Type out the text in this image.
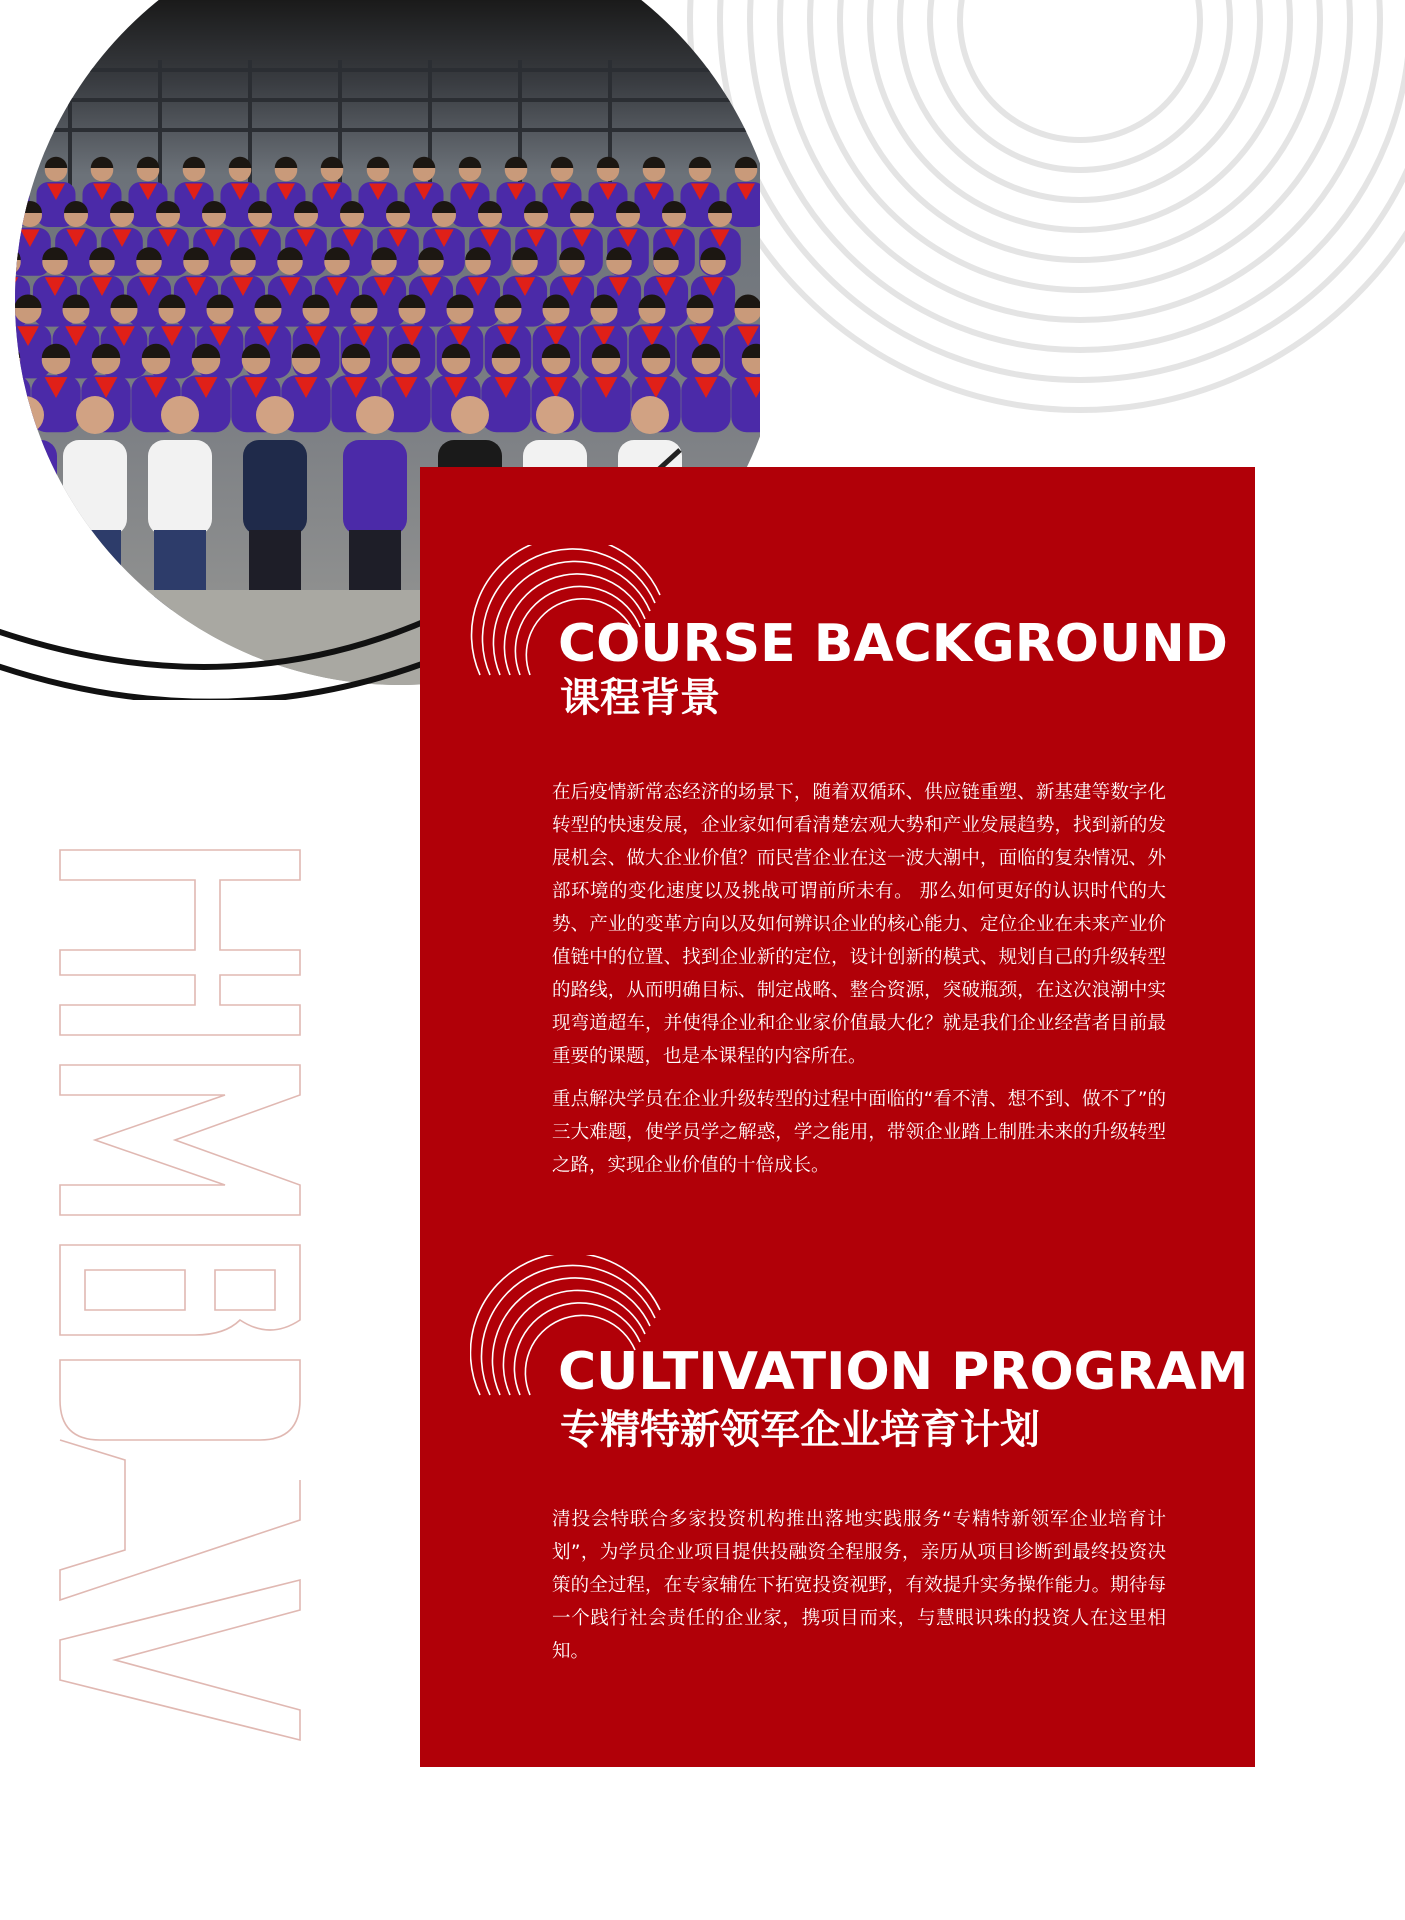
COURSE BACKGROUND
课程背景

在后疫情新常态经济的场景下，随着双循环、供应链重塑、新基建等数字化转型的快速发展，企业家如何看清楚宏观大势和产业发展趋势，找到新的发展机会、做大企业价值？而民营企业在这一波大潮中，面临的复杂情况、外部环境的变化速度以及挑战可谓前所未有。 那么如何更好的认识时代的大势、产业的变革方向以及如何辨识企业的核心能力、定位企业在未来产业价值链中的位置、找到企业新的定位，设计创新的模式、规划自己的升级转型的路线，从而明确目标、制定战略、整合资源，突破瓶颈，在这次浪潮中实现弯道超车，并使得企业和企业家价值最大化？就是我们企业经营者目前最重要的课题，也是本课程的内容所在。

重点解决学员在企业升级转型的过程中面临的“看不清、想不到、做不了”的三大难题，使学员学之解惑，学之能用，带领企业踏上制胜未来的升级转型之路，实现企业价值的十倍成长。

CULTIVATION PROGRAM
专精特新领军企业培育计划

清投会特联合多家投资机构推出落地实践服务“专精特新领军企业培育计划”，为学员企业项目提供投融资全程服务，亲历从项目诊断到最终投资决策的全过程，在专家辅佐下拓宽投资视野，有效提升实务操作能力。期待每一个践行社会责任的企业家，携项目而来，与慧眼识珠的投资人在这里相知。
